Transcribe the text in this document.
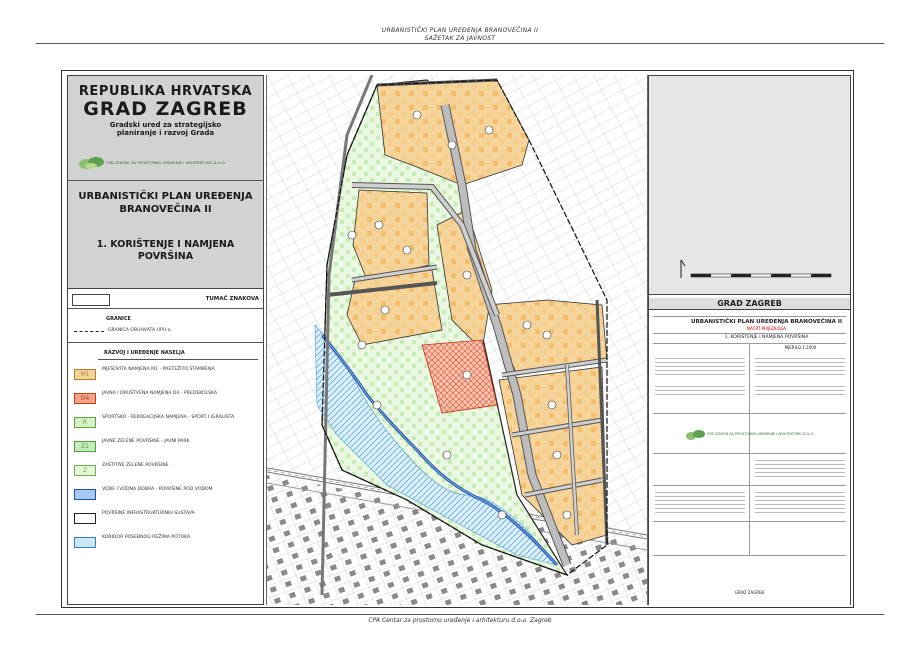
URBANISTIČKI PLAN UREĐENJA BRANOVEČINA II
SAŽETAK ZA JAVNOST
REPUBLIKA HRVATSKA
GRAD ZAGREB
Gradski ured za strategijsko planiranje i razvoj Grada
CPA CENTAR ZA PROSTORNO UREĐENJE I ARHITEKTURU D.O.O.
URBANISTIČKI PLAN UREĐENJA BRANOVEČINA II
1. KORIŠTENJE I NAMJENA POVRŠINA
TUMAČ ZNAKOVA
GRANICE
GRANICA OBUHVATA UPU-a
RAZVOJ I UREĐENJE NASELJA
M1
MJEŠOVITA NAMJENA M1 - PRETEŽITO STAMBENA
D4
JAVNA I DRUŠTVENA NAMJENA D4 - PREDŠKOLSKA
R
SPORTSKO - REKREACIJSKA NAMJENA - SPORT I IGRALIŠTA
Z1
JAVNE ZELENE POVRŠINE - JAVNI PARK
Z
ZAŠTITNE ZELENE POVRŠINE
VODE I VODNA DOBRA - POVRŠINE POD VODOM
POVRŠINE INFRASTRUKTURNIH SUSTAVA
KORIDOR POSEBNOG REŽIMA POTOKA
GRAD ZAGREB
URBANISTIČKI PLAN UREĐENJA BRANOVEČINA II
NACRT PRIJEDLOGA
1. KORIŠTENJE I NAMJENA POVRŠINA
MJERILO 1:2000
CPA CENTAR ZA PROSTORNO UREĐENJE I ARHITEKTURU D.O.O.
GRAD ZAGREB
CPA Centar za prostorno uređenje i arhitekturu d.o.o. Zagreb
